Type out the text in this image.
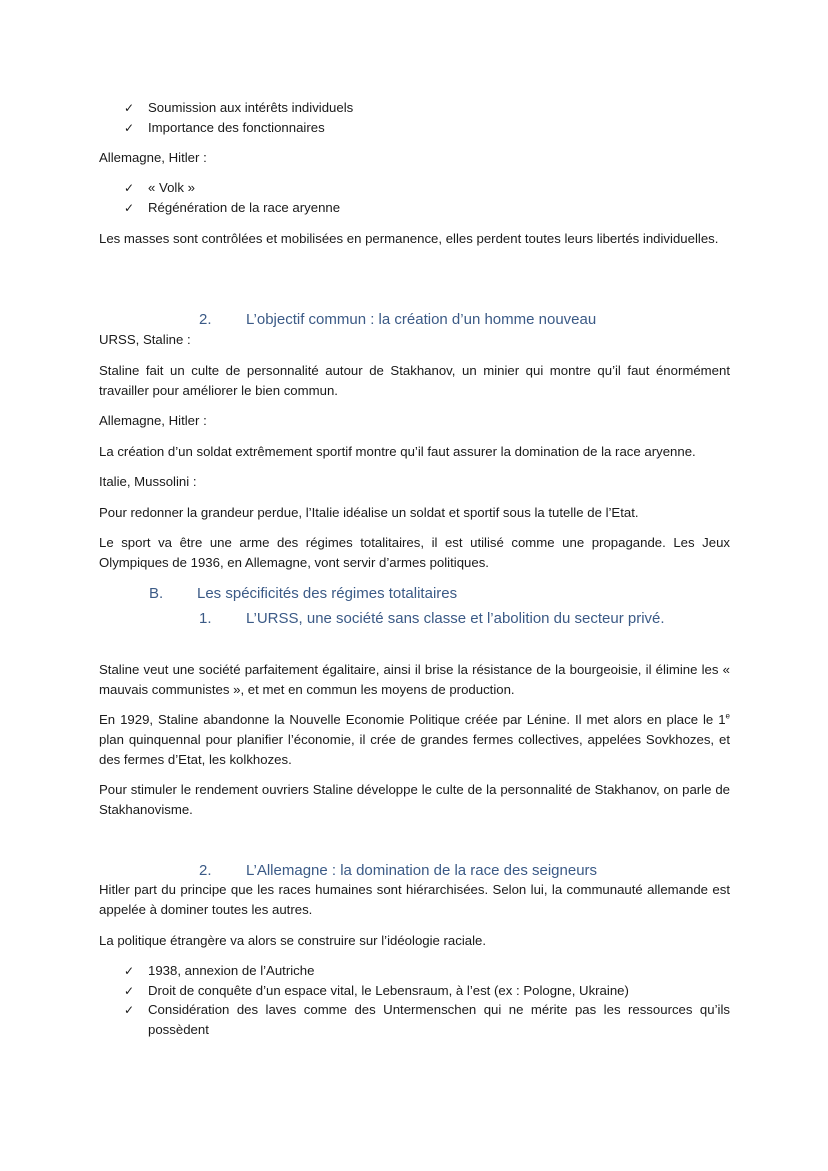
✓ Soumission aux intérêts individuels
✓ Importance des fonctionnaires

Allemagne, Hitler :

✓ « Volk »
✓ Régénération de la race aryenne

Les masses sont contrôlées et mobilisées en permanence, elles perdent toutes leurs libertés individuelles.

2. L’objectif commun : la création d’un homme nouveau

URSS, Staline :

Staline fait un culte de personnalité autour de Stakhanov, un minier qui montre qu’il faut énormément travailler pour améliorer le bien commun.

Allemagne, Hitler :

La création d’un soldat extrêmement sportif montre qu’il faut assurer la domination de la race aryenne.

Italie, Mussolini :

Pour redonner la grandeur perdue, l’Italie idéalise un soldat et sportif sous la tutelle de l’Etat.

Le sport va être une arme des régimes totalitaires, il est utilisé comme une propagande. Les Jeux Olympiques de 1936, en Allemagne, vont servir d’armes politiques.

B. Les spécificités des régimes totalitaires
1. L’URSS, une société sans classe et l’abolition du secteur privé.

Staline veut une société parfaitement égalitaire, ainsi il brise la résistance de la bourgeoisie, il élimine les « mauvais communistes », et met en commun les moyens de production.

En 1929, Staline abandonne la Nouvelle Economie Politique créée par Lénine. Il met alors en place le 1e plan quinquennal pour planifier l’économie, il crée de grandes fermes collectives, appelées Sovkhozes, et des fermes d’Etat, les kolkhozes.

Pour stimuler le rendement ouvriers Staline développe le culte de la personnalité de Stakhanov, on parle de Stakhanovisme.

2. L’Allemagne : la domination de la race des seigneurs

Hitler part du principe que les races humaines sont hiérarchisées. Selon lui, la communauté allemande est appelée à dominer toutes les autres.

La politique étrangère va alors se construire sur l’idéologie raciale.

✓ 1938, annexion de l’Autriche
✓ Droit de conquête d’un espace vital, le Lebensraum, à l’est (ex : Pologne, Ukraine)
✓ Considération des laves comme des Untermenschen qui ne mérite pas les ressources qu’ils possèdent
